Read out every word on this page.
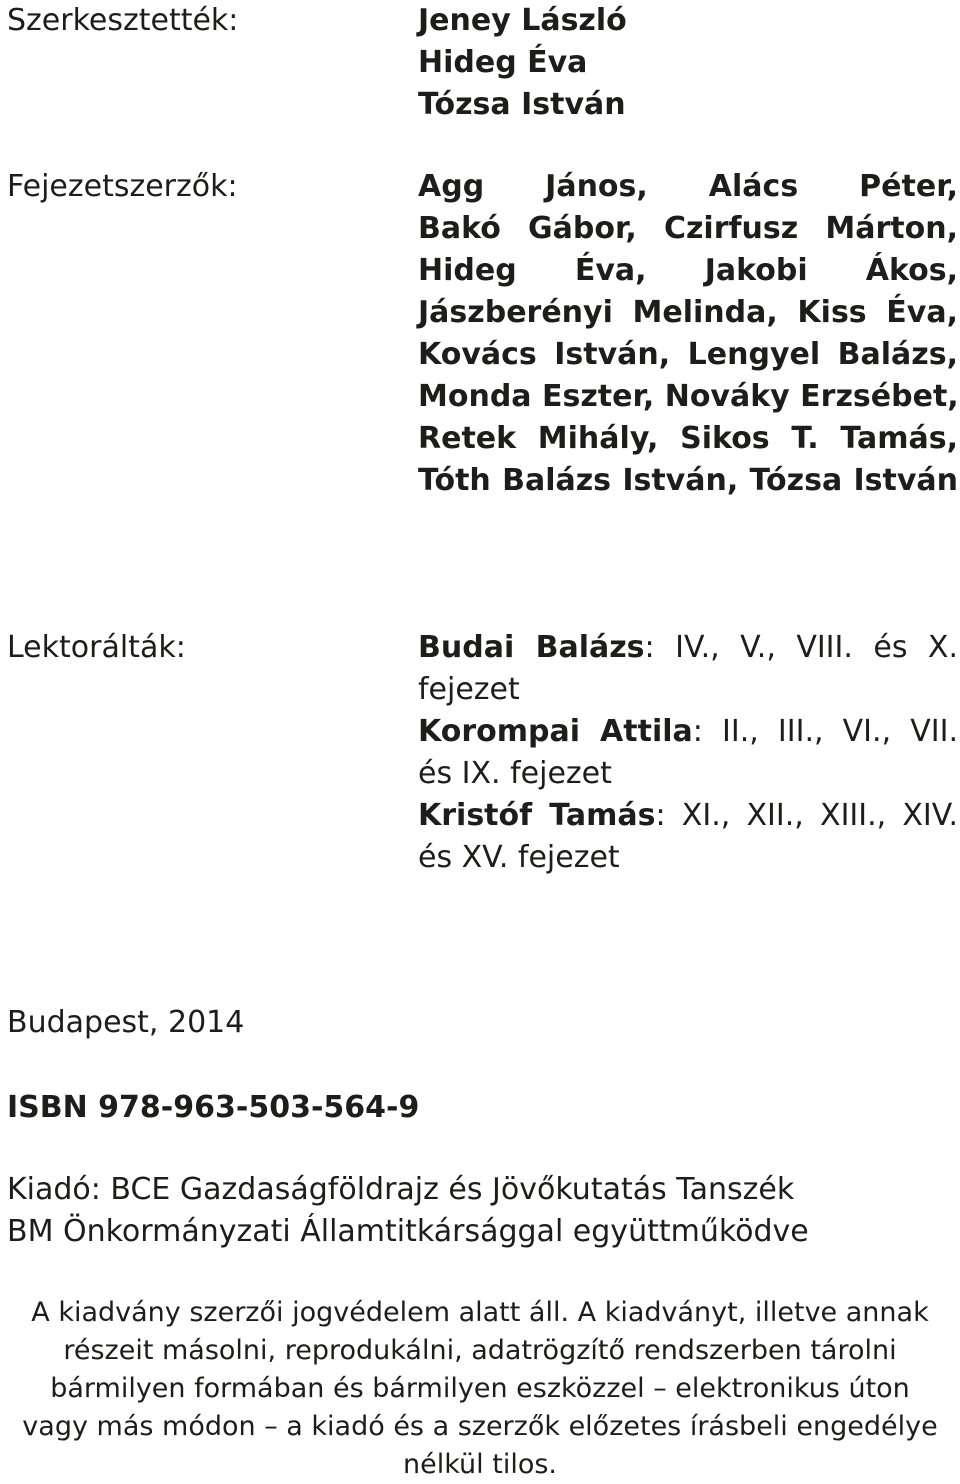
Szerkesztették:	Jeney László
Hideg Éva
Tózsa István
Fejezetszerzők:	Agg János, Alács Péter,
Bakó Gábor, Czirfusz Márton,
Hideg Éva, Jakobi Ákos,
Jászberényi Melinda, Kiss Éva,
Kovács István, Lengyel Balázs,
Monda Eszter, Nováky Erzsébet,
Retek Mihály, Sikos T. Tamás,
Tóth Balázs István, Tózsa István
Lektorálták:	Budai Balázs: IV., V., VIII. és X.
fejezet
Korompai Attila: II., III., VI., VII.
és IX. fejezet
Kristóf Tamás: XI., XII., XIII., XIV.
és XV. fejezet
Budapest, 2014
ISBN 978-963-503-564-9
Kiadó: BCE Gazdaságföldrajz és Jövőkutatás Tanszék
BM Önkormányzati Államtitkársággal együttműködve
A kiadvány szerzői jogvédelem alatt áll. A kiadványt, illetve annak
részeit másolni, reprodukálni, adatrögzítő rendszerben tárolni
bármilyen formában és bármilyen eszközzel – elektronikus úton
vagy más módon – a kiadó és a szerzők előzetes írásbeli engedélye
nélkül tilos.
